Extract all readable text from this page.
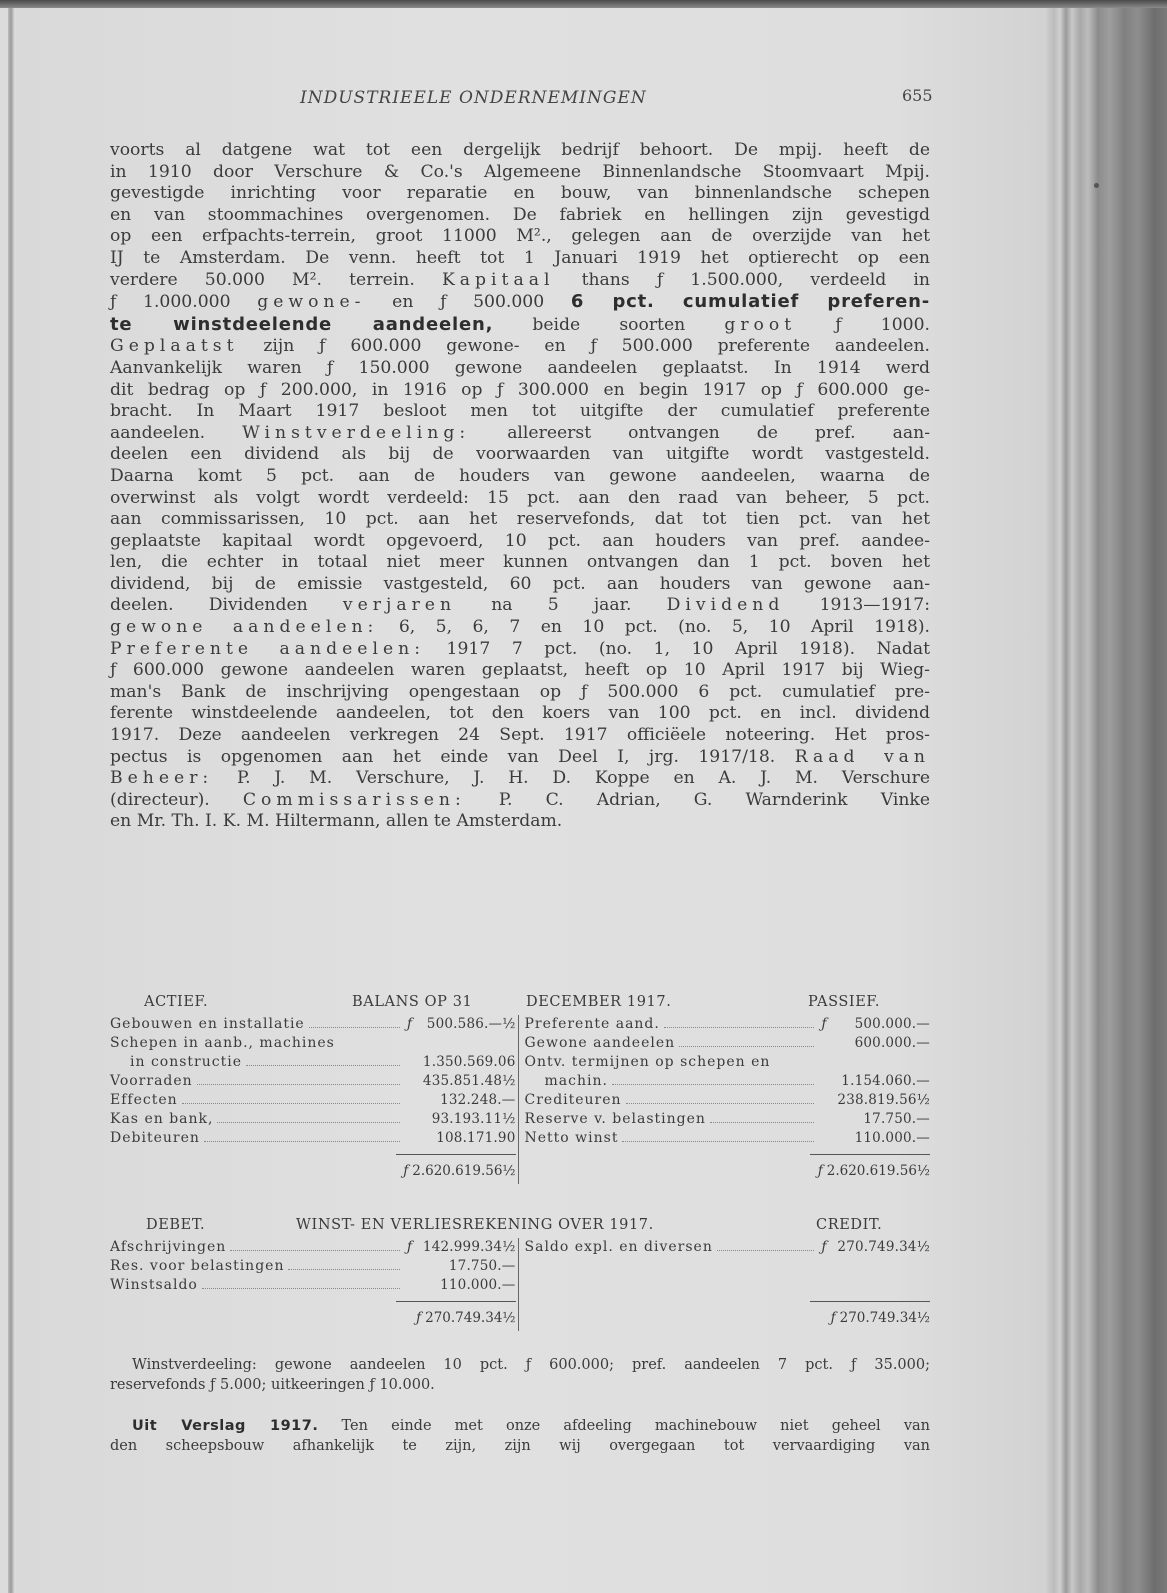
INDUSTRIEELE ONDERNEMINGEN	655

voorts al datgene wat tot een dergelijk bedrijf behoort. De mpij. heeft de

in 1910 door Verschure & Co.'s Algemeene Binnenlandsche Stoomvaart Mpij.

gevestigde inrichting voor reparatie en bouw, van binnenlandsche schepen

en van stoommachines overgenomen. De fabriek en hellingen zijn gevestigd

op een erfpachts-terrein, groot 11000 M²., gelegen aan de overzijde van het

IJ te Amsterdam. De venn. heeft tot 1 Januari 1919 het optierecht op een

verdere 50.000 M². terrein. Kapitaal thans ƒ 1.500.000, verdeeld in

ƒ 1.000.000 gewone- en ƒ 500.000 6 pct. cumulatief preferen-

te winstdeelende aandeelen, beide soorten groot ƒ 1000.

Geplaatst zijn ƒ 600.000 gewone- en ƒ 500.000 preferente aandeelen.

Aanvankelijk waren ƒ 150.000 gewone aandeelen geplaatst. In 1914 werd

dit bedrag op ƒ 200.000, in 1916 op ƒ 300.000 en begin 1917 op ƒ 600.000 ge-

bracht. In Maart 1917 besloot men tot uitgifte der cumulatief preferente

aandeelen. Winstverdeeling: allereerst ontvangen de pref. aan-

deelen een dividend als bij de voorwaarden van uitgifte wordt vastgesteld.

Daarna komt 5 pct. aan de houders van gewone aandeelen, waarna de

overwinst als volgt wordt verdeeld: 15 pct. aan den raad van beheer, 5 pct.

aan commissarissen, 10 pct. aan het reservefonds, dat tot tien pct. van het

geplaatste kapitaal wordt opgevoerd, 10 pct. aan houders van pref. aandee-

len, die echter in totaal niet meer kunnen ontvangen dan 1 pct. boven het

dividend, bij de emissie vastgesteld, 60 pct. aan houders van gewone aan-

deelen. Dividenden verjaren na 5 jaar. Dividend 1913—1917:

gewone aandeelen: 6, 5, 6, 7 en 10 pct. (no. 5, 10 April 1918).

Preferente aandeelen: 1917 7 pct. (no. 1, 10 April 1918). Nadat

ƒ 600.000 gewone aandeelen waren geplaatst, heeft op 10 April 1917 bij Wieg-

man's Bank de inschrijving opengestaan op ƒ 500.000 6 pct. cumulatief pre-

ferente winstdeelende aandeelen, tot den koers van 100 pct. en incl. dividend

1917. Deze aandeelen verkregen 24 Sept. 1917 officiëele noteering. Het pros-

pectus is opgenomen aan het einde van Deel I, jrg. 1917/18. Raad van

Beheer: P. J. M. Verschure, J. H. D. Koppe en A. J. M. Verschure

(directeur). Commissarissen: P. C. Adrian, G. Warnderink Vinke

en Mr. Th. I. K. M. Hiltermann, allen te Amsterdam.

ACTIEF.	BALANS OP 31	DECEMBER 1917.	PASSIEF.
Gebouwen en installatie	ƒ	500.586.—½
Schepen in aanb., machines
in constructie	1.350.569.06
Voorraden	435.851.48½
Effecten	132.248.—
Kas en bank,	93.193.11½
Debiteuren	108.171.90
ƒ 2.620.619.56½
Preferente aand.	ƒ	500.000.—
Gewone aandeelen	600.000.—
Ontv. termijnen op schepen en
machin.	1.154.060.—
Crediteuren	238.819.56½
Reserve v. belastingen	17.750.—
Netto winst	110.000.—
ƒ 2.620.619.56½
DEBET.	WINST- EN VERLIESREKENING OVER 1917.	CREDIT.
Afschrijvingen	ƒ 142.999.34½
Res. voor belastingen	17.750.—
Winstsaldo	110.000.—
ƒ 270.749.34½
Saldo expl. en diversen	ƒ 270.749.34½
ƒ 270.749.34½

Winstverdeeling: gewone aandeelen 10 pct. ƒ 600.000; pref. aandeelen 7 pct. ƒ 35.000;

reservefonds ƒ 5.000; uitkeeringen ƒ 10.000.

Uit Verslag 1917. Ten einde met onze afdeeling machinebouw niet geheel van

den scheepsbouw afhankelijk te zijn, zijn wij overgegaan tot vervaardiging van
